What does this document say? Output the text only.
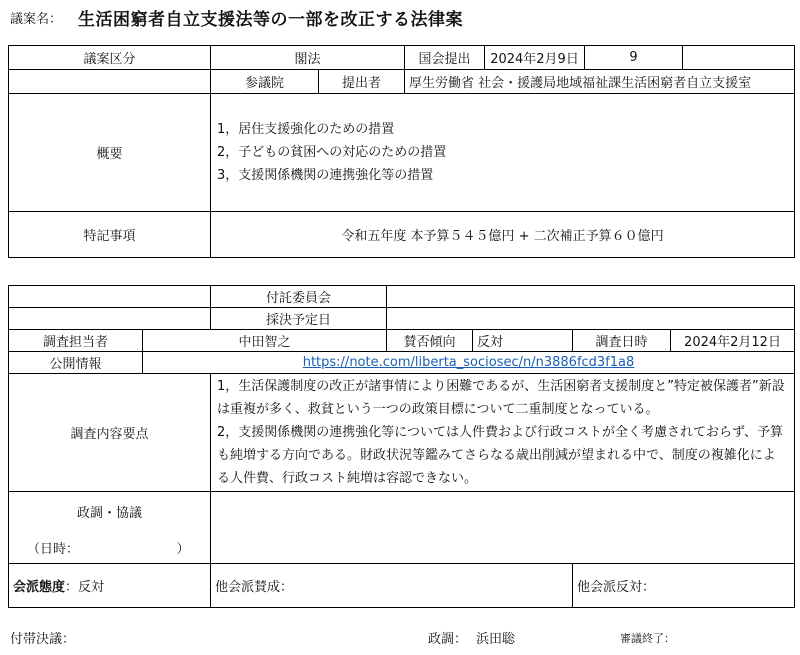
議案名： 生活困窮者自立支援法等の一部を改正する法律案
議案区分	閣法		国会提出	2024年2月9日	9	
	参議院	提出者	厚生労働省 社会・援護局地域福祉課生活困窮者自立支援室			
概要	1，居住支援強化のための措置
2，子どもの貧困への対応のための措置
3，支援関係機関の連携強化等の措置					

特記事項	令和五年度 本予算５４５億円 + 二次補正予算６０億円					
		付託委員会				
		採決予定日				
調査担当者	中田智之		賛否傾向	反対	調査日時	2024年2月12日
公開情報	https://note.com/liberta_sociosec/n/n3886fcd3f1a8					
調査内容要点		1，生活保護制度の改正が諸事情により困難であるが、生活困窮者支援制度と”特定被保護者”新設は重複が多く、救貧という一つの政策目標について二重制度となっている。
2，支援関係機関の連携強化等については人件費および行政コストが全く考慮されておらず、予算も純増する方向である。財政状況等鑑みてさらなる歳出削減が望まれる中で、制度の複雑化による人件費、行政コスト純増は容認できない。				

政調・協議
（日時：　　　　　　　　）						

会派態度：反対		他会派賛成：			他会派反対：	
付帯決議：	政調： 浜田聡	審議終了：
